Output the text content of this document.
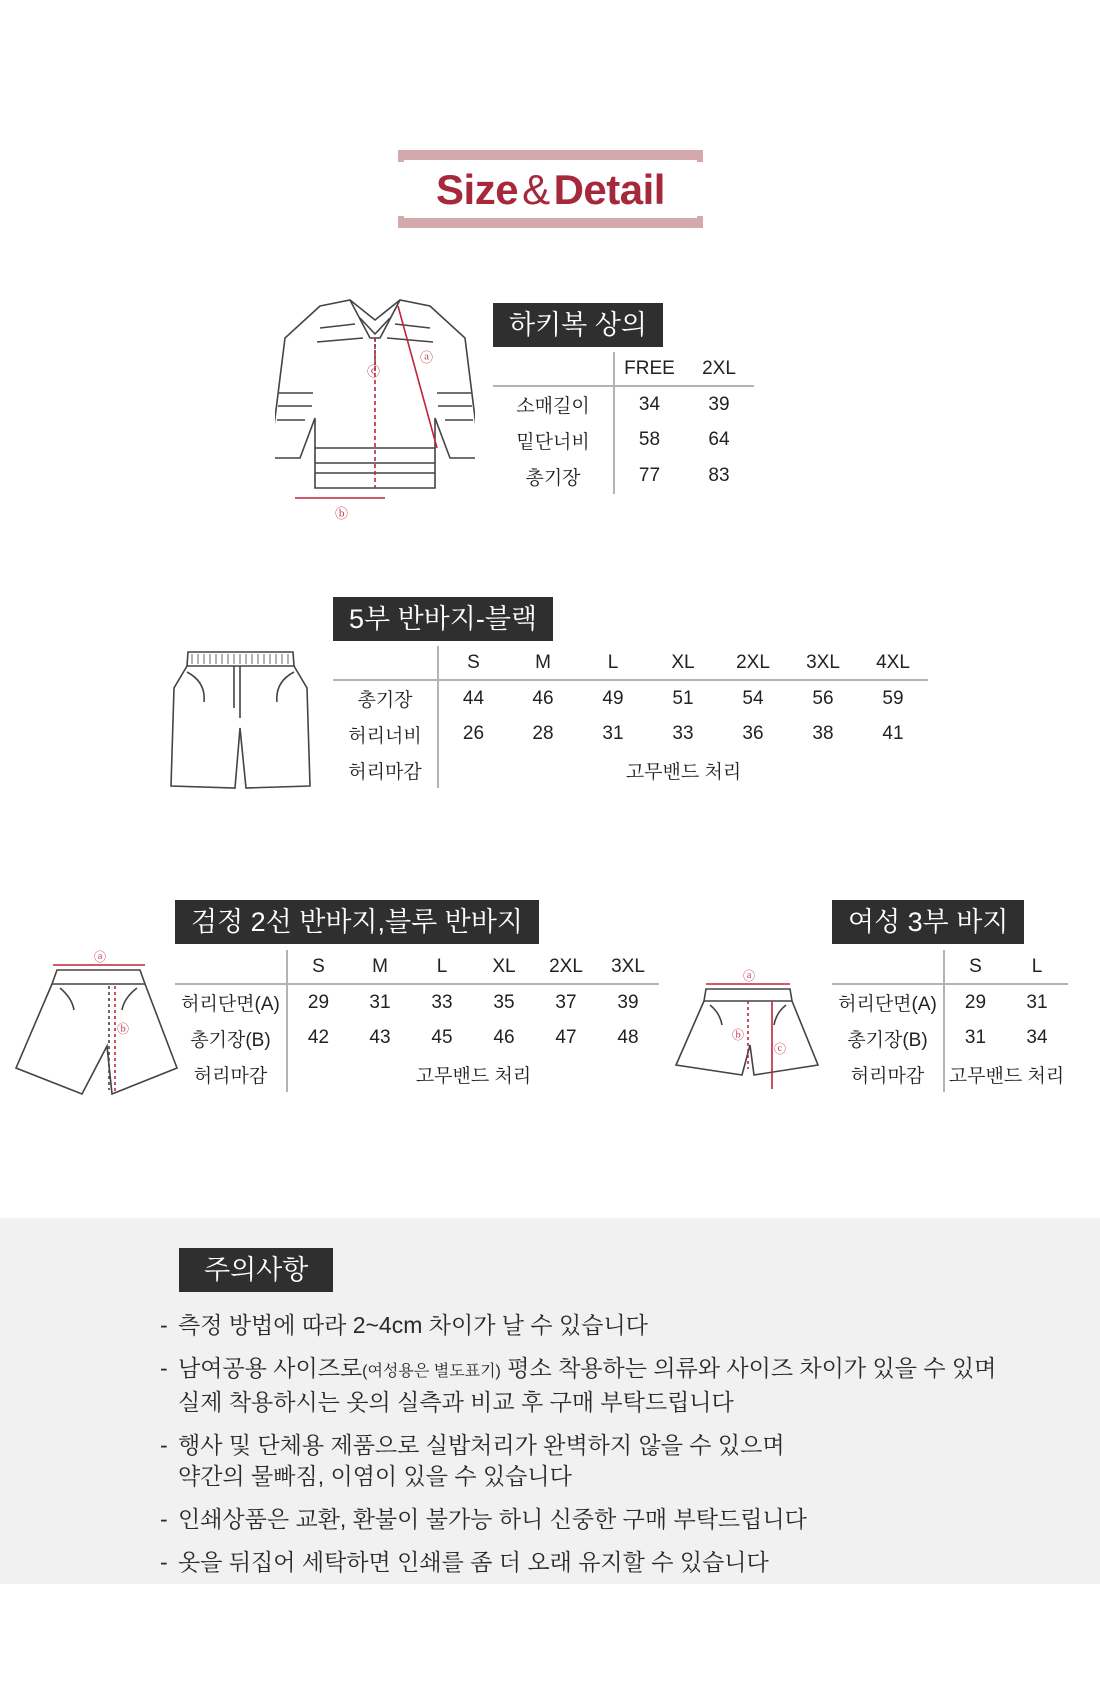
Size&Detail
ⓐ
ⓒ
ⓑ
하키복 상의
	FREE	2XL
소매길이	34	39
밑단너비	58	64
총기장	77	83
5부 반바지-블랙
	S	M	L	XL	2XL	3XL	4XL
총기장	44	46	49	51	54	56	59
허리너비	26	28	31	33	36	38	41
허리마감	고무밴드 처리						
ⓐ
ⓑ
검정 2선 반바지,블루 반바지
	S	M	L	XL	2XL	3XL
허리단면(A)	29	31	33	35	37	39
총기장(B)	42	43	45	46	47	48
허리마감	고무밴드 처리					
ⓐ
ⓑ
ⓒ
여성 3부 바지
	S	L
허리단면(A)	29	31
총기장(B)	31	34
허리마감	고무밴드 처리	
주의사항
- 측정 방법에 따라 2~4cm 차이가 날 수 있습니다
- 남여공용 사이즈로(여성용은 별도표기) 평소 착용하는 의류와 사이즈 차이가 있을 수 있며
실제 착용하시는 옷의 실측과 비교 후 구매 부탁드립니다
- 행사 및 단체용 제품으로 실밥처리가 완벽하지 않을 수 있으며
약간의 물빠짐, 이염이 있을 수 있습니다
- 인쇄상품은 교환, 환불이 불가능 하니 신중한 구매 부탁드립니다
- 옷을 뒤집어 세탁하면 인쇄를 좀 더 오래 유지할 수 있습니다
